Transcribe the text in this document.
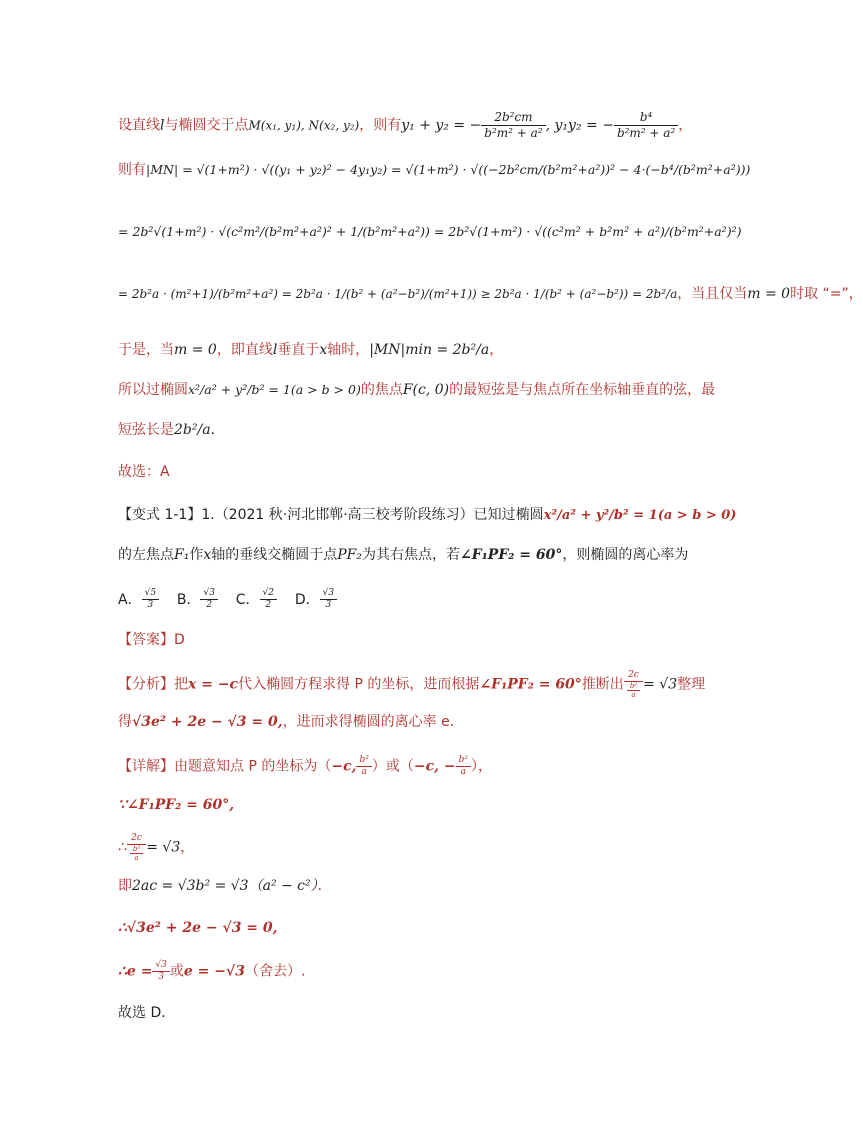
设直线l与椭圆交于点M(x₁, y₁), N(x₂, y₂)，则有y₁ + y₂ = − $\frac{\text{2b²cm}}{\text{b²m² + a²}}$ , y₁y₂ = − $\frac{\text{b⁴}}{\text{b²m² + a²}}$ ，
则有|MN| = √(1+m²) · √((y₁ + y₂)² − 4y₁y₂) = √(1+m²) · √((−2b²cm/(b²m²+a²))² − 4·(−b⁴/(b²m²+a²)))
= 2b²√(1+m²) · √(c²m²/(b²m²+a²)² + 1/(b²m²+a²)) = 2b²√(1+m²) · √((c²m² + b²m² + a²)/(b²m²+a²)²)
= 2b²a · (m²+1)/(b²m²+a²) = 2b²a · 1/(b² + (a²−b²)/(m²+1)) ≥ 2b²a · 1/(b² + (a²−b²)) = 2b²/a，当且仅当m = 0时取 “=”，
于是，当m = 0，即直线l垂直于x轴时，|MN|min = 2b²/a，
所以过椭圆x²/a² + y²/b² = 1(a > b > 0)的焦点F(c, 0)的最短弦是与焦点所在坐标轴垂直的弦，最
短弦长是2b²/a.
故选：A
【变式 1-1】1.（2021 秋·河北邯郸·高三校考阶段练习）已知过椭圆x²/a² + y²/b² = 1(a > b > 0)
的左焦点F₁作x轴的垂线交椭圆于点PF₂为其右焦点，若∠F₁PF₂ = 60°，则椭圆的离心率为
A． $\frac{√5}{3}$ B． $\frac{√3}{2}$ C． $\frac{√2}{2}$ D． $\frac{√3}{3}$
【答案】D
【分析】把x = −c代入椭圆方程求得 P 的坐标，进而根据∠F₁PF₂ = 60°推断出 $\frac{2c}{\frac{\text{b²}}{a}} = √3$整理
得√3e² + 2e − √3 = 0,，进而求得椭圆的离心率 e．
【详解】由题意知点 P 的坐标为（−c, $\frac{\text{b²}}{a}$ ）或（−c, − $\frac{\text{b²}}{a}$ ），
∵∠F₁PF₂ = 60°,
∴ $\frac{2c}{\frac{\text{b²}}{a}} = √3$，
即2ac = √3b² = √3（a² − c²）．
∴√3e² + 2e − √3 = 0,
∴e = $\frac{√3}{3}$ 或e = −√3（舍去）.
故选 D．
